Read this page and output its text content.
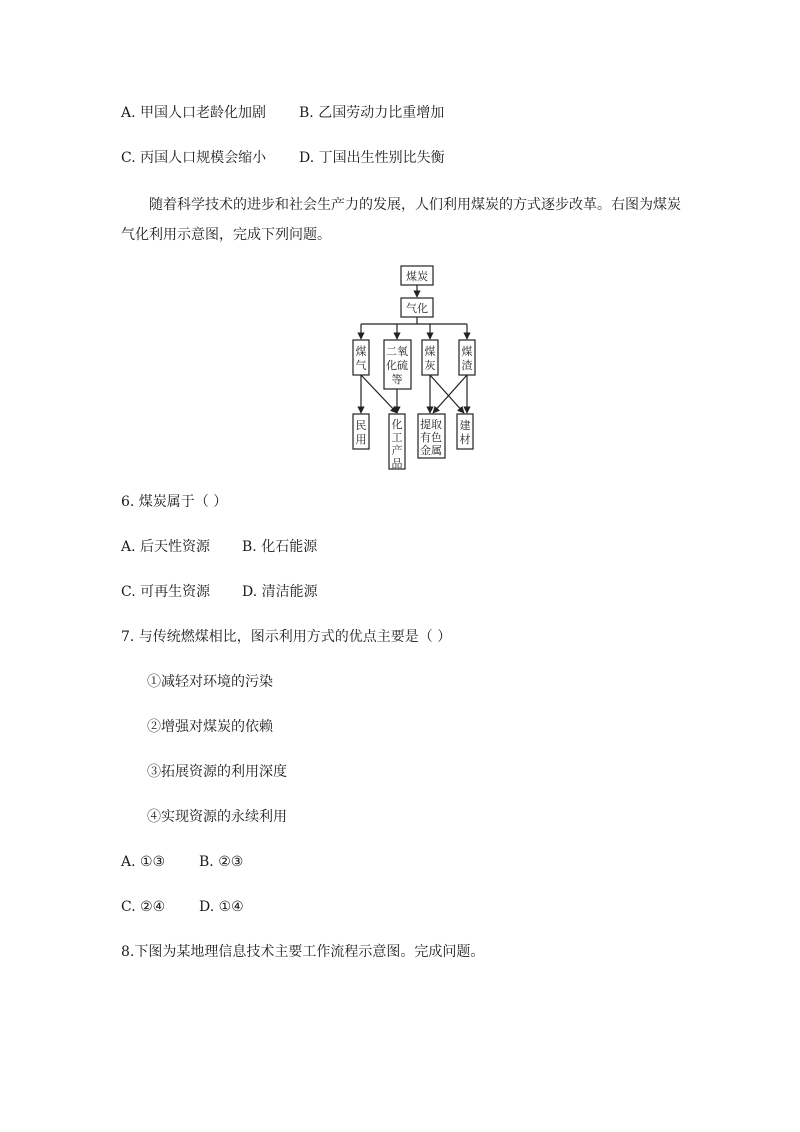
A. 甲国人口老龄化加剧 B. 乙国劳动力比重增加
C. 丙国人口规模会缩小 D. 丁国出生性别比失衡
随着科学技术的进步和社会生产力的发展，人们利用煤炭的方式逐步改革。右图为煤炭气化利用示意图，完成下列问题。
煤炭
气化
煤
气
二氧
化硫
等
煤
灰
煤
渣
民
用
化
工
产
品
提取
有色
金属
建
材
6. 煤炭属于（ ）
A. 后天性资源 B. 化石能源
C. 可再生资源 D. 清洁能源
7. 与传统燃煤相比，图示利用方式的优点主要是（ ）
①减轻对环境的污染
②增强对煤炭的依赖
③拓展资源的利用深度
④实现资源的永续利用
A. ①③ B. ②③
C. ②④ D. ①④
8.下图为某地理信息技术主要工作流程示意图。完成问题。
